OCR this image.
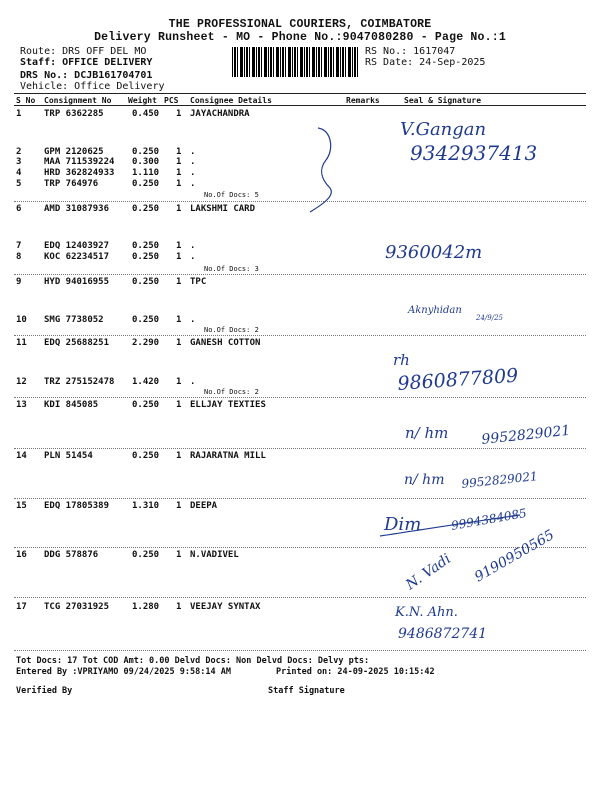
THE PROFESSIONAL COURIERS, COIMBATORE
Delivery Runsheet - MO - Phone No.:9047080280 - Page No.:1
Route: DRS OFF DEL MO
Staff: OFFICE DELIVERY
DRS No.: DCJB161704701
Vehicle: Office Delivery
RS No.: 1617047
RS Date: 24-Sep-2025
S No Consignment No Weight PCS Consignee Details	Remarks	Seal & Signature
1	TRP 6362285	0.450 1 JAYACHANDRA
2	GPM 2120625	0.250 1 .
3	MAA 711539224 0.300 1 .
4	HRD 362824933 1.110 1 .
5	TRP 764976	0.250 1 .
6	AMD 31087936	0.250 1 LAKSHMI CARD
7	EDQ 12403927	0.250 1 .
8	KOC 62234517	0.250 1 .
9	HYD 94016955	0.250 1 TPC
10 SMG 7738052	0.250 1 .
11 EDQ 25688251	2.290 1 GANESH COTTON
12 TRZ 275152478 1.420 1 .
13 KDI 845085	0.250 1 ELLJAY TEXTIES
14 PLN 51454	0.250 1 RAJARATNA MILL
15 EDQ 17805389	1.310 1 DEEPA
16 DDG 578876	0.250 1 N.VADIVEL
17 TCG 27031925	1.280 1 VEEJAY SYNTAX
No.Of Docs: 5
No.Of Docs: 3
No.Of Docs: 2
No.Of Docs: 2
Tot Docs: 17 Tot COD Amt: 0.00 Delvd Docs: Non Delvd Docs: Delvy pts:
Entered By :VPRIYAMO 09/24/2025 9:58:14 AM	Printed on: 24-09-2025 10:15:42
Verified By	Staff Signature
V.Gangan
9342937413
9360042m
Aknyhidan
24/9/25
rh
9860877809
n/ hm 9952829021
n/ hm 9952829021
Dim 9994384085
N. Vadi 9190950565
K.N. Ahn.
9486872741
